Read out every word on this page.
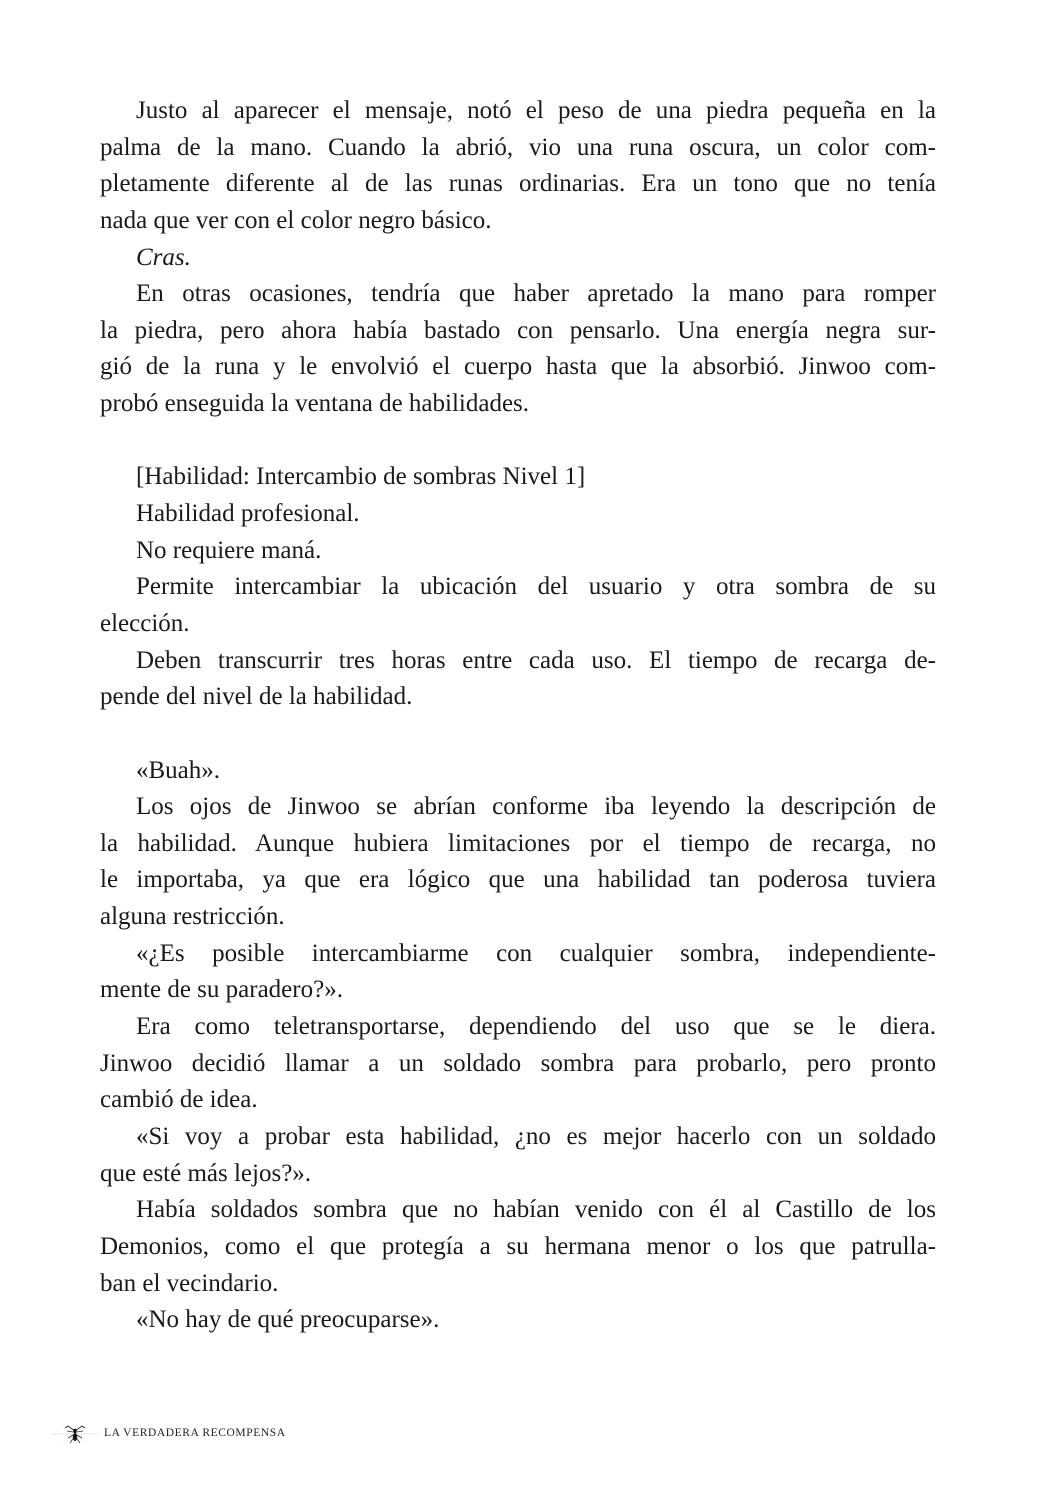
Justo al aparecer el mensaje, notó el peso de una piedra pequeña en la
palma de la mano. Cuando la abrió, vio una runa oscura, un color com-
pletamente diferente al de las runas ordinarias. Era un tono que no tenía
nada que ver con el color negro básico.
Cras.
En otras ocasiones, tendría que haber apretado la mano para romper
la piedra, pero ahora había bastado con pensarlo. Una energía negra sur-
gió de la runa y le envolvió el cuerpo hasta que la absorbió. Jinwoo com-
probó enseguida la ventana de habilidades.
[Habilidad: Intercambio de sombras Nivel 1]
Habilidad profesional.
No requiere maná.
Permite intercambiar la ubicación del usuario y otra sombra de su
elección.
Deben transcurrir tres horas entre cada uso. El tiempo de recarga de-
pende del nivel de la habilidad.
«Buah».
Los ojos de Jinwoo se abrían conforme iba leyendo la descripción de
la habilidad. Aunque hubiera limitaciones por el tiempo de recarga, no
le importaba, ya que era lógico que una habilidad tan poderosa tuviera
alguna restricción.
«¿Es posible intercambiarme con cualquier sombra, independiente-
mente de su paradero?».
Era como teletransportarse, dependiendo del uso que se le diera.
Jinwoo decidió llamar a un soldado sombra para probarlo, pero pronto
cambió de idea.
«Si voy a probar esta habilidad, ¿no es mejor hacerlo con un soldado
que esté más lejos?».
Había soldados sombra que no habían venido con él al Castillo de los
Demonios, como el que protegía a su hermana menor o los que patrulla-
ban el vecindario.
«No hay de qué preocuparse».
LA VERDADERA RECOMPENSA
